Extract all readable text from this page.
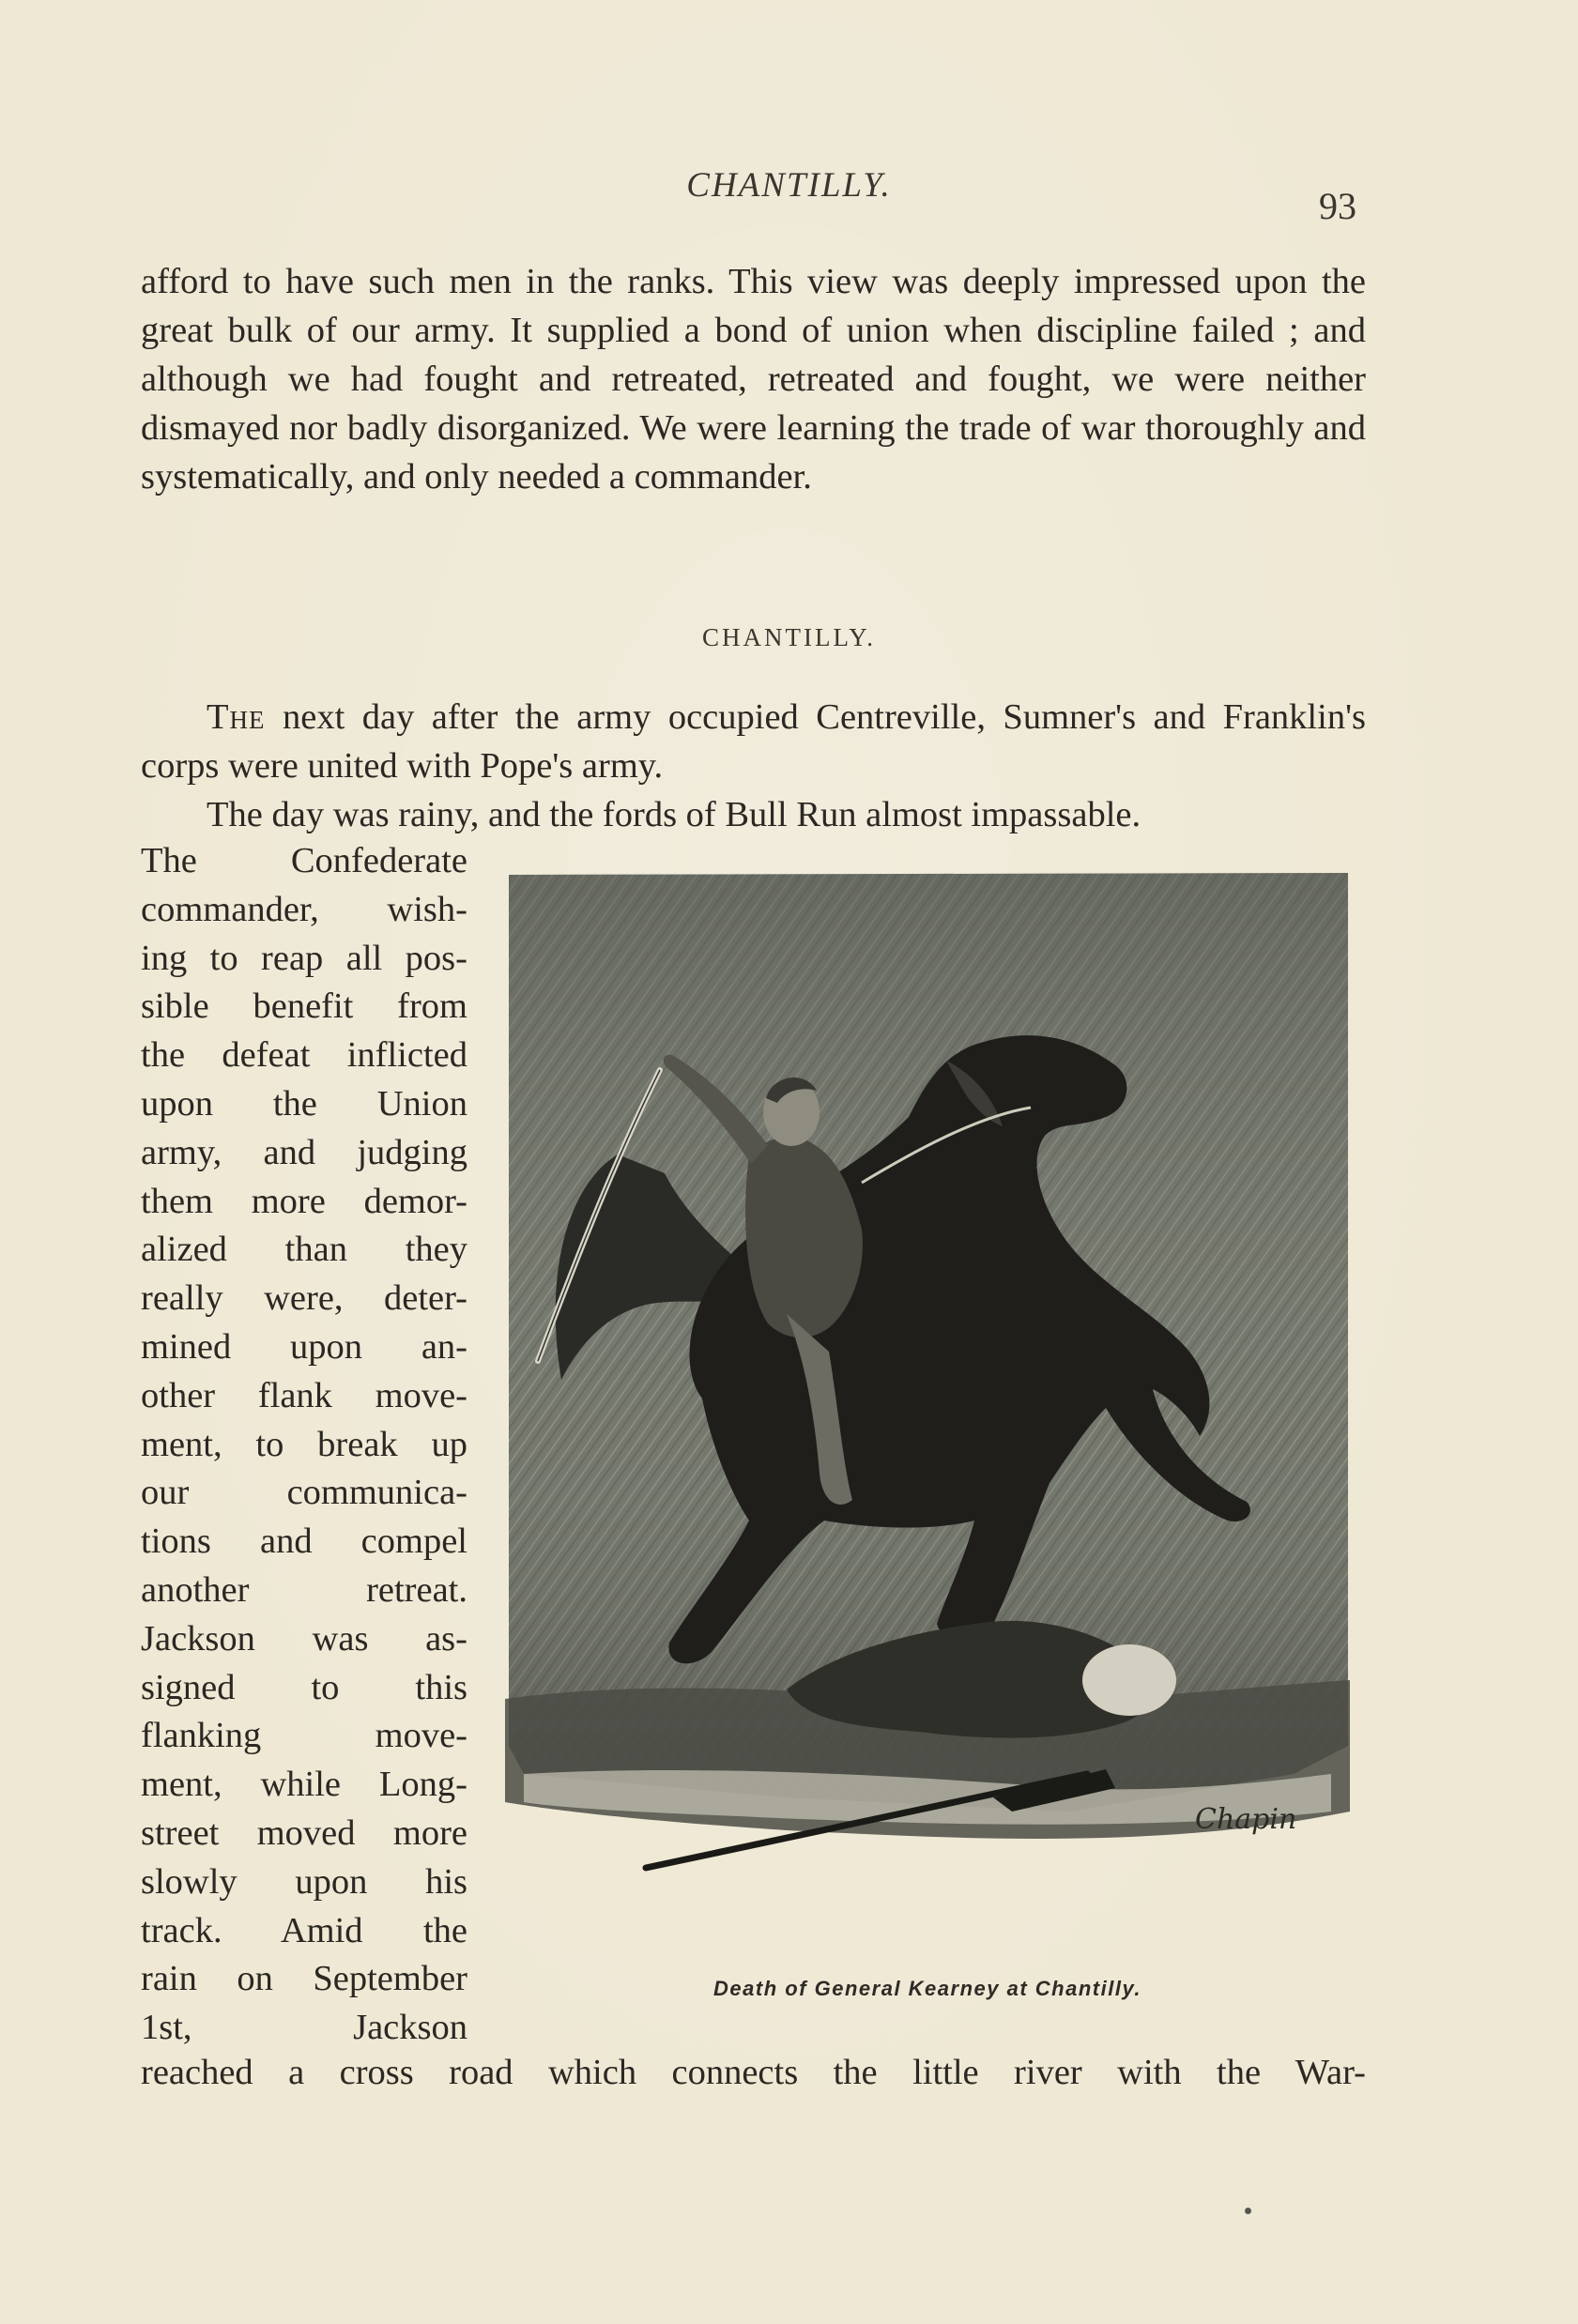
CHANTILLY.	93

afford to have such men in the ranks. This view was deeply impressed upon the great bulk of our army. It supplied a bond of union when discipline failed ; and although we had fought and retreated, retreated and fought, we were neither dismayed nor badly disorganized. We were learning the trade of war thoroughly and systematically, and only needed a commander.

CHANTILLY.

The next day after the army occupied Centreville, Sumner's and Franklin's corps were united with Pope's army.

The day was rainy, and the fords of Bull Run almost impassable.

The Confederate
commander, wish-
ing to reap all pos-
sible benefit from
the defeat inflicted
upon the Union
army, and judging
them more demor-
alized than they
really were, deter-
mined upon an-
other flank move-
ment, to break up
our communica-
tions and compel
another retreat.
Jackson was as-
signed to this
flanking move-
ment, while Long-
street moved more
slowly upon his
track. Amid the
rain on September
1st, Jackson
Chapin
Death of General Kearney at Chantilly.

reached a cross road which connects the little river with the War-
